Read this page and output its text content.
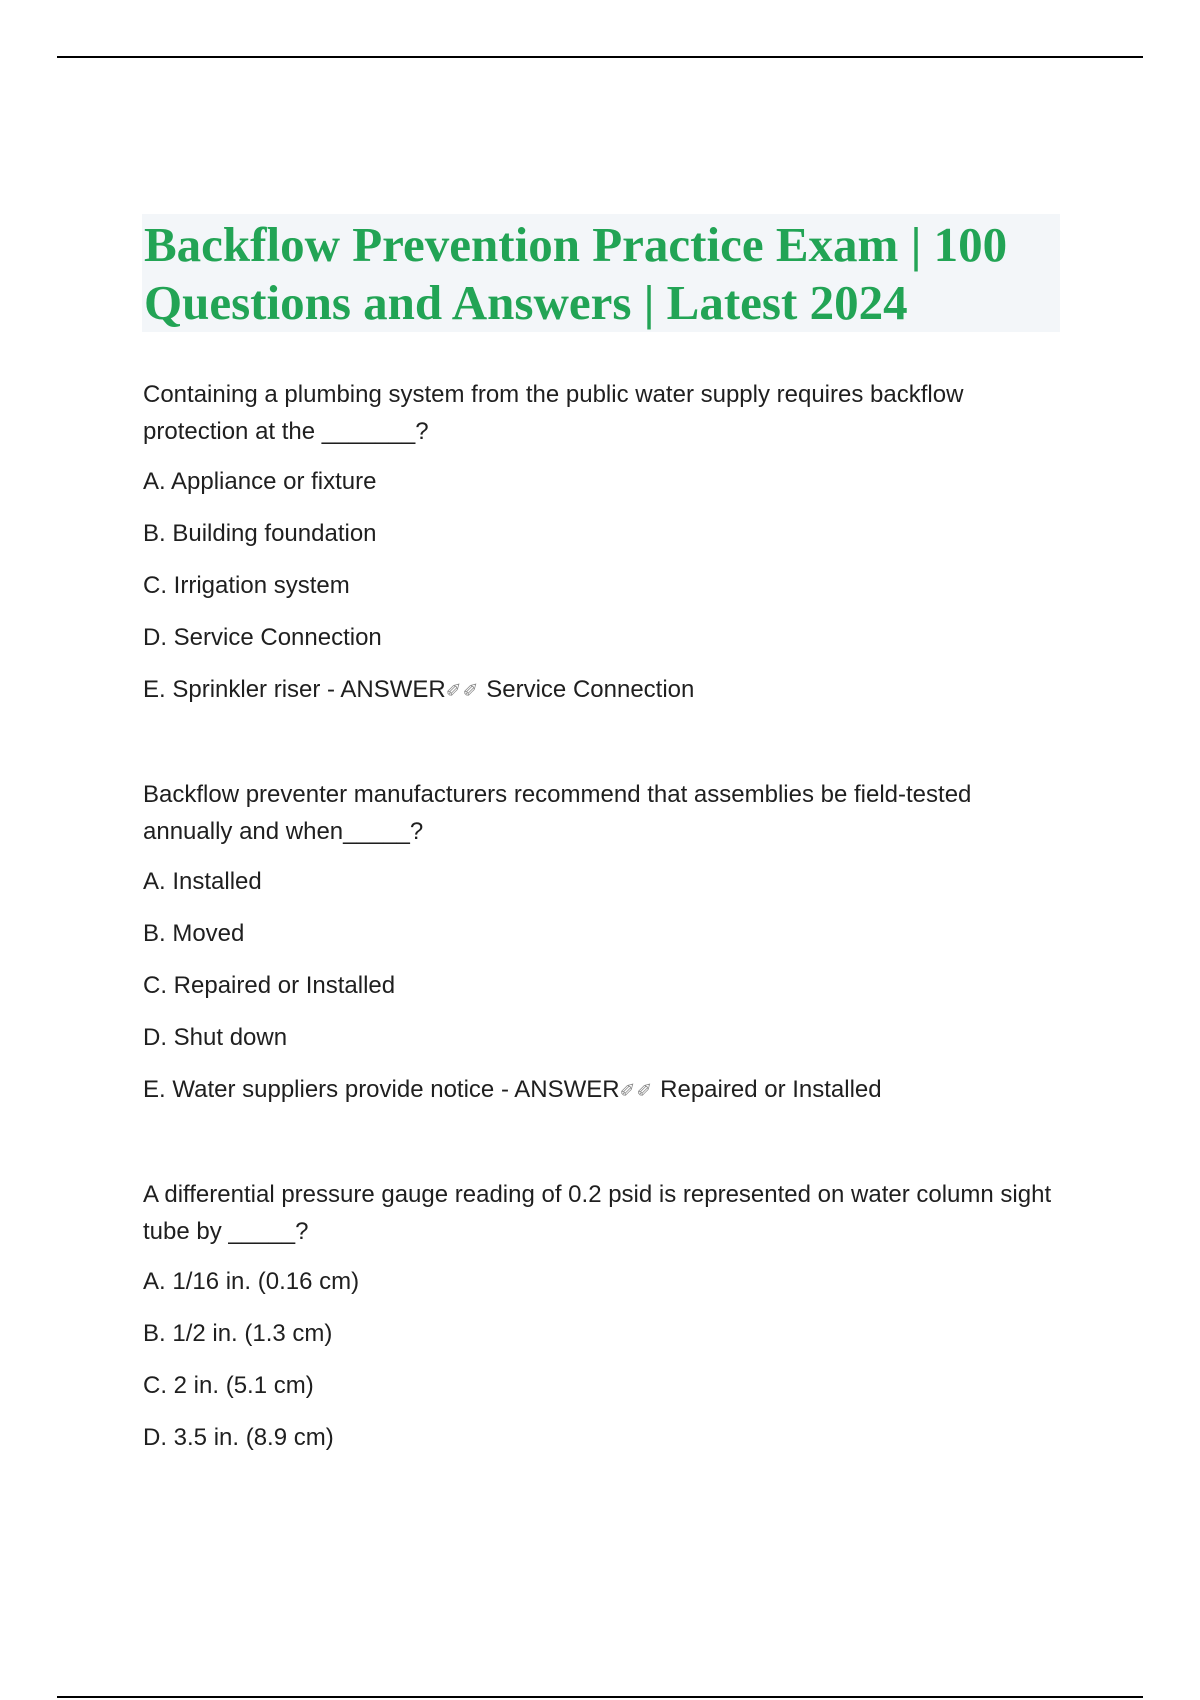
Backflow Prevention Practice Exam | 100 Questions and Answers | Latest 2024

Containing a plumbing system from the public water supply requires backflow protection at the _______?

A. Appliance or fixture

B. Building foundation

C. Irrigation system

D. Service Connection

E. Sprinkler riser - ANSWER✐✐ Service Connection

Backflow preventer manufacturers recommend that assemblies be field-tested annually and when_____?

A. Installed

B. Moved

C. Repaired or Installed

D. Shut down

E. Water suppliers provide notice - ANSWER✐✐ Repaired or Installed

A differential pressure gauge reading of 0.2 psid is represented on water column sight tube by _____?

A. 1/16 in. (0.16 cm)

B. 1/2 in. (1.3 cm)

C. 2 in. (5.1 cm)

D. 3.5 in. (8.9 cm)
